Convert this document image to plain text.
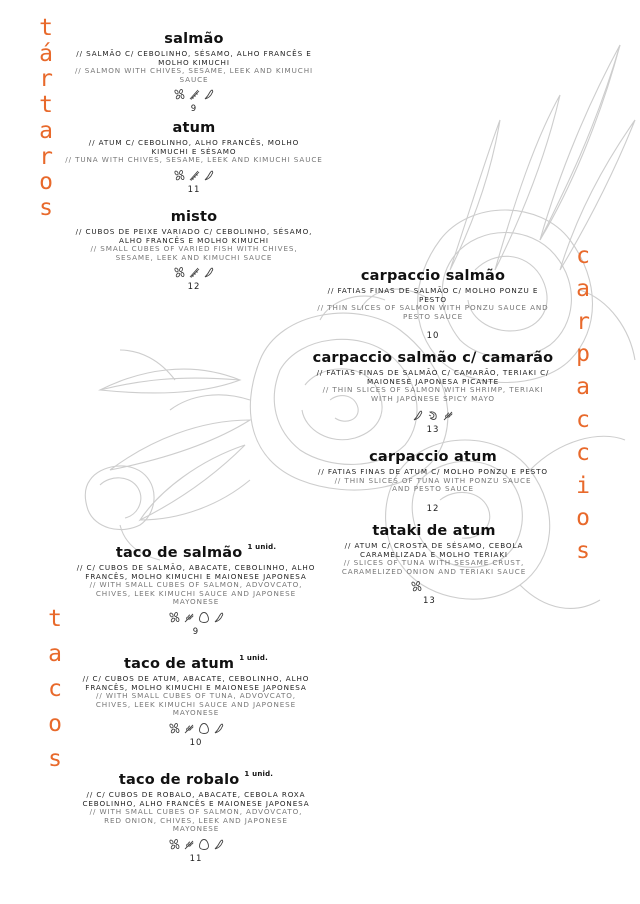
t
á
r
t
a
r
o
s
c
a
r
p
a
c
c
i
o
s
t
a
c
o
s
salmão
// SALMÃO C/ CEBOLINHO, SÉSAMO, ALHO FRANCÊS E MOLHO KIMUCHI
// SALMON WITH CHIVES, SESAME, LEEK AND KIMUCHI SAUCE
9
atum
// ATUM C/ CEBOLINHO, ALHO FRANCÊS, MOLHO KIMUCHI E SÉSAMO
// TUNA WITH CHIVES, SESAME, LEEK AND KIMUCHI SAUCE
11
misto
// CUBOS DE PEIXE VARIADO C/ CEBOLINHO, SÉSAMO, ALHO FRANCÊS E MOLHO KIMUCHI
// SMALL CUBES OF VARIED FISH WITH CHIVES, SESAME, LEEK AND KIMUCHI SAUCE
12
carpaccio salmão
// FATIAS FINAS DE SALMÃO C/ MOLHO PONZU E PESTO
// THIN SLICES OF SALMON WITH PONZU SAUCE AND PESTO SAUCE
10
carpaccio salmão c/ camarão
// FATIAS FINAS DE SALMÃO C/ CAMARÃO, TERIAKI C/ MAIONESE JAPONESA PICANTE
// THIN SLICES OF SALMON WITH SHRIMP, TERIAKI WITH JAPONESE SPICY MAYO
13
carpaccio atum
// FATIAS FINAS DE ATUM C/ MOLHO PONZU E PESTO
// THIN SLICES OF TUNA WITH PONZU SAUCE AND PESTO SAUCE
12
tataki de atum
// ATUM C/ CROSTA DE SÉSAMO, CEBOLA CARAMELIZADA E MOLHO TERIAKI
// SLICES OF TUNA WITH SESAME CRUST, CARAMELIZED ONION AND TERIAKI SAUCE
13
taco de salmão $^{1 unid.}$
// C/ CUBOS DE SALMÃO, ABACATE, CEBOLINHO, ALHO FRANCÊS, MOLHO KIMUCHI E MAIONESE JAPONESA
// WITH SMALL CUBES OF SALMON, ADVOVCATO, CHIVES, LEEK KIMUCHI SAUCE AND JAPONESE MAYONESE
9
taco de atum $^{1 unid.}$
// C/ CUBOS DE ATUM, ABACATE, CEBOLINHO, ALHO FRANCÊS, MOLHO KIMUCHI E MAIONESE JAPONESA
// WITH SMALL CUBES OF TUNA, ADVOVCATO, CHIVES, LEEK KIMUCHI SAUCE AND JAPONESE MAYONESE
10
taco de robalo $^{1 unid.}$
// C/ CUBOS DE ROBALO, ABACATE, CEBOLA ROXA CEBOLINHO, ALHO FRANCÊS E MAIONESE JAPONESA
// WITH SMALL CUBES OF SALMON, ADVOVCATO, RED ONION, CHIVES, LEEK AND JAPONESE MAYONESE
11
